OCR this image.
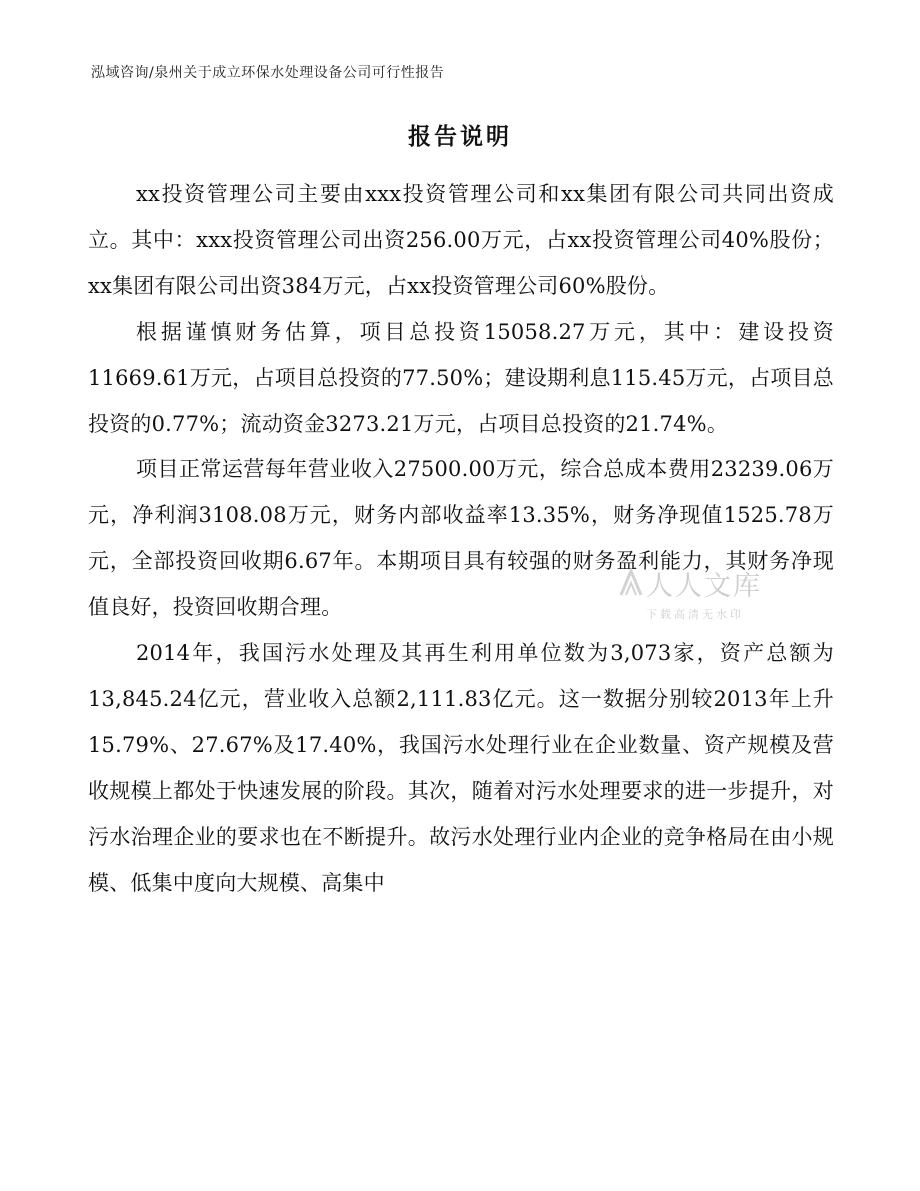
泓域咨询/泉州关于成立环保水处理设备公司可行性报告
报告说明

xx投资管理公司主要由xxx投资管理公司和xx集团有限公司共同出资成立。其中：xxx投资管理公司出资256.00万元，占xx投资管理公司40%股份；xx集团有限公司出资384万元，占xx投资管理公司60%股份。

根据谨慎财务估算，项目总投资15058.27万元，其中：建设投资11669.61万元，占项目总投资的77.50%；建设期利息115.45万元，占项目总投资的0.77%；流动资金3273.21万元，占项目总投资的21.74%。

项目正常运营每年营业收入27500.00万元，综合总成本费用23239.06万元，净利润3108.08万元，财务内部收益率13.35%，财务净现值1525.78万元，全部投资回收期6.67年。本期项目具有较强的财务盈利能力，其财务净现值良好，投资回收期合理。

2014年，我国污水处理及其再生利用单位数为3,073家，资产总额为13,845.24亿元，营业收入总额2,111.83亿元。这一数据分别较2013年上升15.79%、27.67%及17.40%，我国污水处理行业在企业数量、资产规模及营收规模上都处于快速发展的阶段。其次，随着对污水处理要求的进一步提升，对污水治理企业的要求也在不断提升。故污水处理行业内企业的竞争格局在由小规模、低集中度向大规模、高集中

人人文库
下载高清无水印
